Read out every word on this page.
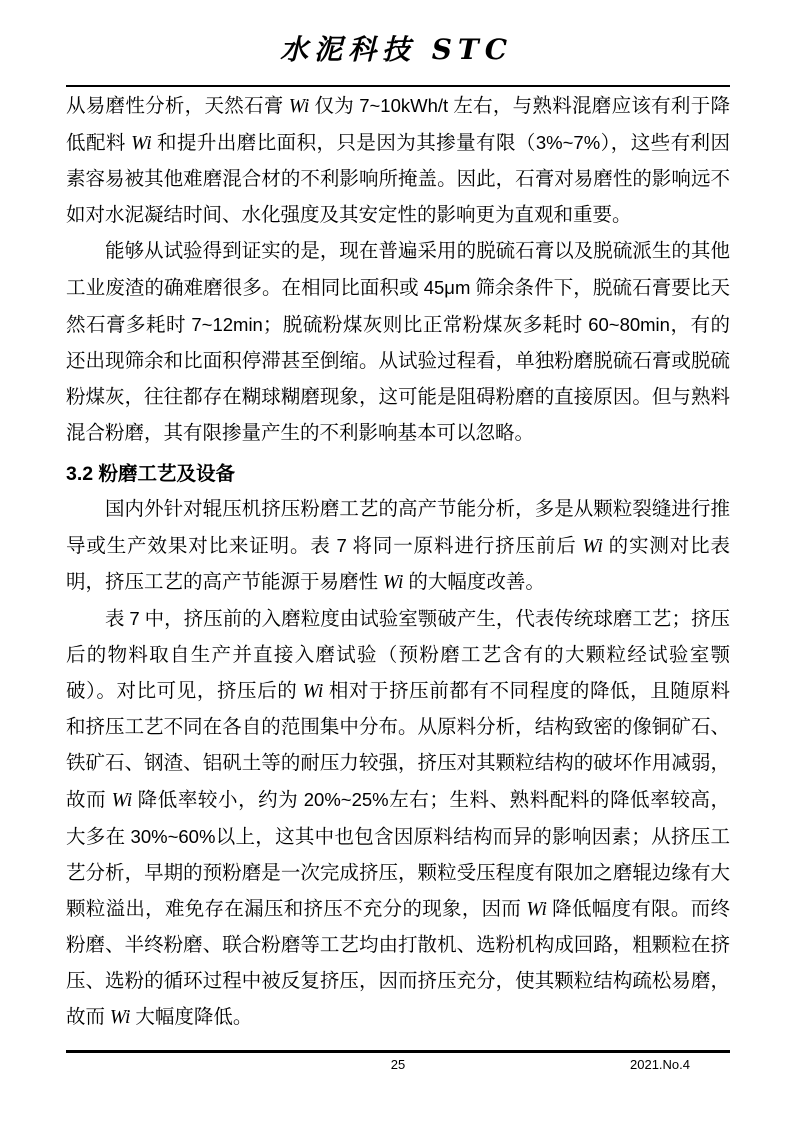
水泥科技 STC

从易磨性分析，天然石膏 Wi 仅为 7~10kWh/t 左右，与熟料混磨应该有利于降低配料 Wi 和提升出磨比面积，只是因为其掺量有限（3%~7%），这些有利因素容易被其他难磨混合材的不利影响所掩盖。因此，石膏对易磨性的影响远不如对水泥凝结时间、水化强度及其安定性的影响更为直观和重要。

能够从试验得到证实的是，现在普遍采用的脱硫石膏以及脱硫派生的其他工业废渣的确难磨很多。在相同比面积或 45μm 筛余条件下，脱硫石膏要比天然石膏多耗时 7~12min；脱硫粉煤灰则比正常粉煤灰多耗时 60~80min，有的还出现筛余和比面积停滞甚至倒缩。从试验过程看，单独粉磨脱硫石膏或脱硫粉煤灰，往往都存在糊球糊磨现象，这可能是阻碍粉磨的直接原因。但与熟料混合粉磨，其有限掺量产生的不利影响基本可以忽略。

3.2 粉磨工艺及设备

国内外针对辊压机挤压粉磨工艺的高产节能分析，多是从颗粒裂缝进行推导或生产效果对比来证明。表 7 将同一原料进行挤压前后 Wi 的实测对比表明，挤压工艺的高产节能源于易磨性 Wi 的大幅度改善。

表 7 中，挤压前的入磨粒度由试验室颚破产生，代表传统球磨工艺；挤压后的物料取自生产并直接入磨试验（预粉磨工艺含有的大颗粒经试验室颚破）。对比可见，挤压后的 Wi 相对于挤压前都有不同程度的降低，且随原料和挤压工艺不同在各自的范围集中分布。从原料分析，结构致密的像铜矿石、铁矿石、钢渣、铝矾土等的耐压力较强，挤压对其颗粒结构的破坏作用减弱，故而 Wi 降低率较小，约为 20%~25%左右；生料、熟料配料的降低率较高，大多在 30%~60%以上，这其中也包含因原料结构而异的影响因素；从挤压工艺分析，早期的预粉磨是一次完成挤压，颗粒受压程度有限加之磨辊边缘有大颗粒溢出，难免存在漏压和挤压不充分的现象，因而 Wi 降低幅度有限。而终粉磨、半终粉磨、联合粉磨等工艺均由打散机、选粉机构成回路，粗颗粒在挤压、选粉的循环过程中被反复挤压，因而挤压充分，使其颗粒结构疏松易磨，故而 Wi 大幅度降低。

25	2021.No.4
